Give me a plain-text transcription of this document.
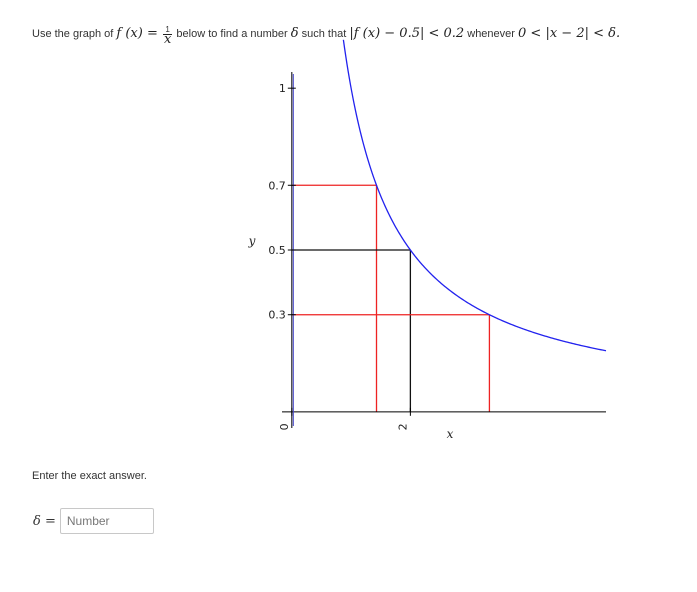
Use the graph of f $(x) = \frac{1}{x}$ below to find a number δ such that |f (x) − 0.5| < 0.2 whenever 0 < |x − 2| < δ.
0.3
0.5
0.7
1
0	2
x
y
Enter the exact answer.
δ =
Number
